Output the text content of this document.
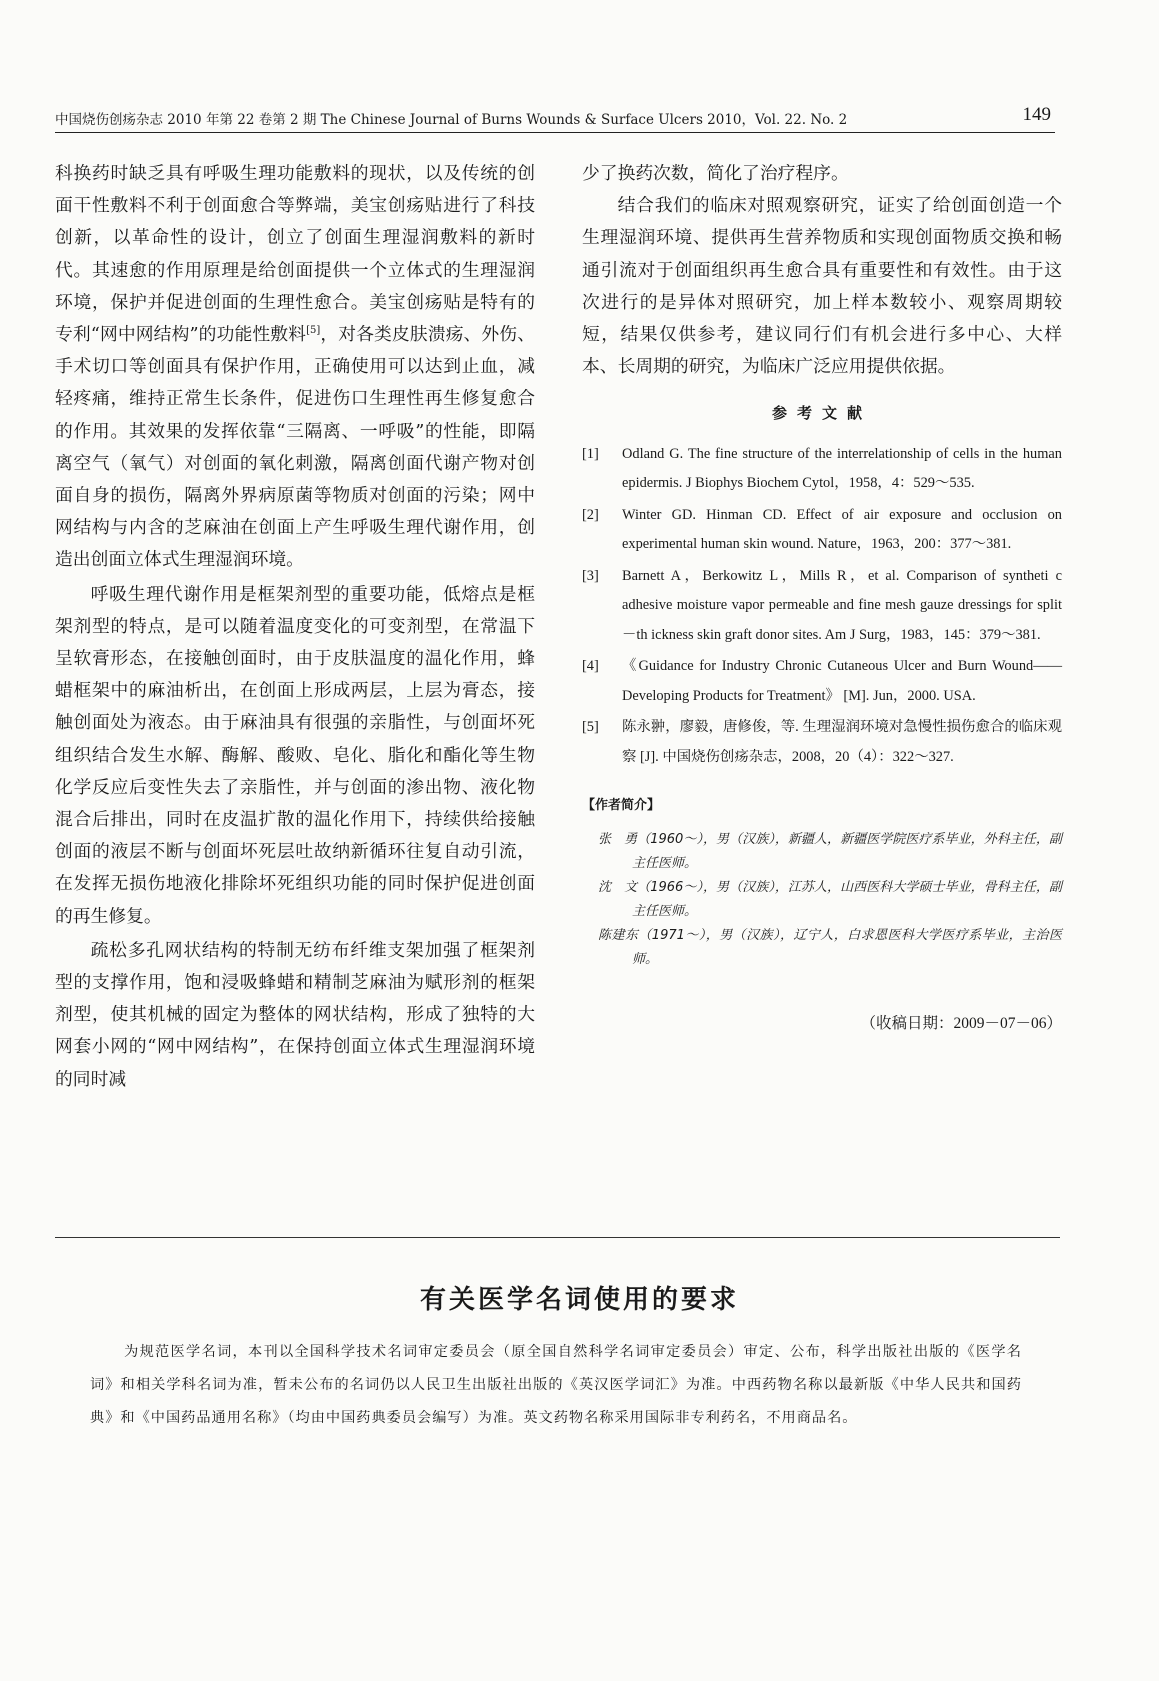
中国烧伤创疡杂志 2010 年第 22 卷第 2 期 The Chinese Journal of Burns Wounds & Surface Ulcers 2010，Vol. 22. No. 2	149

科换药时缺乏具有呼吸生理功能敷料的现状，以及传统的创面干性敷料不利于创面愈合等弊端，美宝创疡贴进行了科技创新，以革命性的设计，创立了创面生理湿润敷料的新时代。其速愈的作用原理是给创面提供一个立体式的生理湿润环境，保护并促进创面的生理性愈合。美宝创疡贴是特有的专利“网中网结构”的功能性敷料[5]，对各类皮肤溃疡、外伤、手术切口等创面具有保护作用，正确使用可以达到止血，减轻疼痛，维持正常生长条件，促进伤口生理性再生修复愈合的作用。其效果的发挥依靠“三隔离、一呼吸”的性能，即隔离空气（氧气）对创面的氧化刺激，隔离创面代谢产物对创面自身的损伤，隔离外界病原菌等物质对创面的污染；网中网结构与内含的芝麻油在创面上产生呼吸生理代谢作用，创造出创面立体式生理湿润环境。

呼吸生理代谢作用是框架剂型的重要功能，低熔点是框架剂型的特点，是可以随着温度变化的可变剂型，在常温下呈软膏形态，在接触创面时，由于皮肤温度的温化作用，蜂蜡框架中的麻油析出，在创面上形成两层，上层为膏态，接触创面处为液态。由于麻油具有很强的亲脂性，与创面坏死组织结合发生水解、酶解、酸败、皂化、脂化和酯化等生物化学反应后变性失去了亲脂性，并与创面的渗出物、液化物混合后排出，同时在皮温扩散的温化作用下，持续供给接触创面的液层不断与创面坏死层吐故纳新循环往复自动引流，在发挥无损伤地液化排除坏死组织功能的同时保护促进创面的再生修复。

疏松多孔网状结构的特制无纺布纤维支架加强了框架剂型的支撑作用，饱和浸吸蜂蜡和精制芝麻油为赋形剂的框架剂型，使其机械的固定为整体的网状结构，形成了独特的大网套小网的“网中网结构”，在保持创面立体式生理湿润环境的同时减

少了换药次数，简化了治疗程序。

结合我们的临床对照观察研究，证实了给创面创造一个生理湿润环境、提供再生营养物质和实现创面物质交换和畅通引流对于创面组织再生愈合具有重要性和有效性。由于这次进行的是异体对照研究，加上样本数较小、观察周期较短，结果仅供参考，建议同行们有机会进行多中心、大样本、长周期的研究，为临床广泛应用提供依据。

参考文献
[1] Odland G. The fine structure of the interrelationship of cells in the human epidermis. J Biophys Biochem Cytol，1958，4：529～535.
[2] Winter GD. Hinman CD. Effect of air exposure and occlusion on experimental human skin wound. Nature，1963，200：377～381.
[3] Barnett A，Berkowitz L，Mills R，et al. Comparison of syntheti c adhesive moisture vapor permeable and fine mesh gauze dressings for split－th ickness skin graft donor sites. Am J Surg，1983，145：379～381.
[4] 《Guidance for Industry Chronic Cutaneous Ulcer and Burn Wound——Developing Products for Treatment》 [M]. Jun，2000. USA.
[5] 陈永翀，廖毅，唐修俊，等. 生理湿润环境对急慢性损伤愈合的临床观察 [J]. 中国烧伤创疡杂志，2008，20（4）：322～327.
【作者简介】
张　勇（1960～），男（汉族），新疆人，新疆医学院医疗系毕业，外科主任，副主任医师。
沈　文（1966～），男（汉族），江苏人，山西医科大学硕士毕业，骨科主任，副主任医师。
陈建东（1971～），男（汉族），辽宁人，白求恩医科大学医疗系毕业，主治医师。
（收稿日期：2009－07－06）
有关医学名词使用的要求
为规范医学名词，本刊以全国科学技术名词审定委员会（原全国自然科学名词审定委员会）审定、公布，科学出版社出版的《医学名词》和相关学科名词为准，暂未公布的名词仍以人民卫生出版社出版的《英汉医学词汇》为准。中西药物名称以最新版《中华人民共和国药典》和《中国药品通用名称》（均由中国药典委员会编写）为准。英文药物名称采用国际非专利药名，不用商品名。
